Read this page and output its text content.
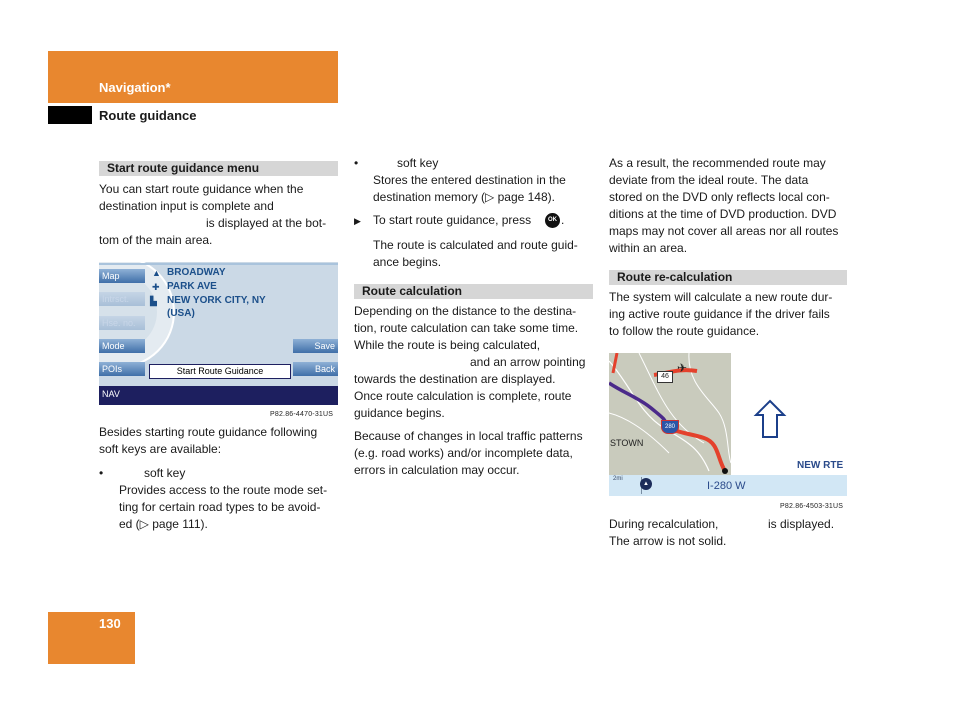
Navigation*
Route guidance
Start route guidance menu
You can start route guidance when the
destination input is complete and
is displayed at the bot-
tom of the main area.
Map
Intrsct.
Hse. no.
Mode
POIs
Save
Back
▲ BROADWAY
✚ PARK AVE
▙ NEW YORK CITY, NY
(USA)
Start Route Guidance
NAV
P82.86-4470-31US
Besides starting route guidance following
soft keys are available:
•	soft key
Provides access to the route mode set-
ting for certain road types to be avoid-
ed (▷ page 111).
•	soft key
Stores the entered destination in the
destination memory (▷ page 148).
▶ To start route guidance, press	OK .
The route is calculated and route guid-
ance begins.
Route calculation
Depending on the distance to the destina-
tion, route calculation can take some time.
While the route is being calculated,
and an arrow pointing
towards the destination are displayed.
Once route calculation is complete, route
guidance begins.
Because of changes in local traffic patterns
(e.g. road works) and/or incomplete data,
errors in calculation may occur.
As a result, the recommended route may
deviate from the ideal route. The data
stored on the DVD only reflects local con-
ditions at the time of DVD production. DVD
maps may not cover all areas nor all routes
within an area.
Route re-calculation
The system will calculate a new route dur-
ing active route guidance if the driver fails
to follow the route guidance.
STOWN
46
✈
280
2mi
▲	I-280 W
NEW RTE
P82.86-4503-31US
During recalculation,	is displayed.
The arrow is not solid.
130
